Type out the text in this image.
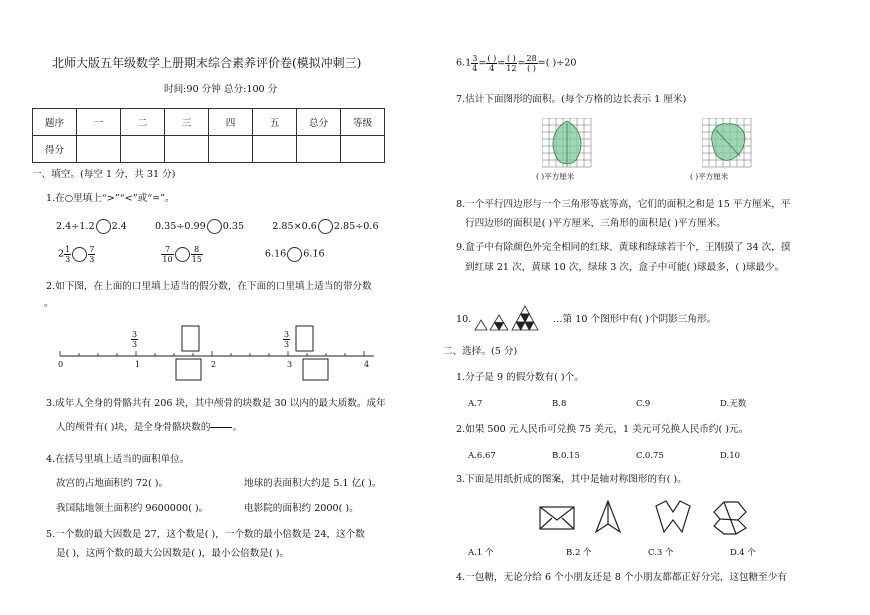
北师大版五年级数学上册期末综合素养评价卷(模拟冲刺三)
时间:90 分钟 总分:100 分
题序	一	二	三	四	五	总分	等级
得分							
一、填空。(每空 1 分，共 31 分)
1.在○里填上“>”“<”或“=”。
2.4÷1.2 2.4	0.35÷0.99 0.35	2.85×0.6 2.85÷0.6
$2 \frac{1}{3} \frac{7}{3}$
	$\frac{7}{10} \frac{8}{15}$	6.16̇ 6.1̇6̇
2.如下图，在上面的口里填上适当的假分数，在下面的口里填上适当的带分数
。
$\frac{3}{3}$	$\frac{3}{3}$
0	1	2	3	4
3.成年人全身的骨骼共有 206 块，其中颅骨的块数是 30 以内的最大质数。成年
人的颅骨有( )块，是全身骨骼块数的 。
4.在括号里填上适当的面积单位。
故宫的占地面积约 72( )。	地球的表面积大约是 5.1 亿( )。
我国陆地领土面积约 9600000( )。	电影院的面积约 2000( )。
5.一个数的最大因数是 27，这个数是( )，一个数的最小倍数是 24，这个数
是( )，这两个数的最大公因数是( )，最小公倍数是( )。
$6.1 \frac{3}{4}$ = ( )
4 = ( )
12 = 28
( ) =( )÷20
7.估计下面图形的面积。(每个方格的边长表示 1 厘米)
( )平方厘米	( )平方厘米
8.一个平行四边形与一个三角形等底等高，它们的面积之和是 15 平方厘米，平
行四边形的面积是( )平方厘米，三角形的面积是( )平方厘米。
9.盒子中有除颜色外完全相同的红球、黄球和绿球若干个，王刚摸了 34 次，摸
到红球 21 次，黄球 10 次，绿球 3 次，盒子中可能( )球最多，( )球最少。
10.	…第 10 个图形中有( )个阴影三角形。
二、选择。(5 分)
1.分子是 9 的假分数有( )个。
A.7	B.8	C.9	D.无数
2.如果 500 元人民币可兑换 75 美元，1 美元可兑换人民币约( )元。
A.6.67	B.0.15	C.0.75	D.10
3.下面是用纸折成的图案，其中是轴对称图形的有( )。
A.1 个	B.2 个	C.3 个	D.4 个
4.一包糖，无论分给 6 个小朋友还是 8 个小朋友都都正好分完，这包糖至少有
